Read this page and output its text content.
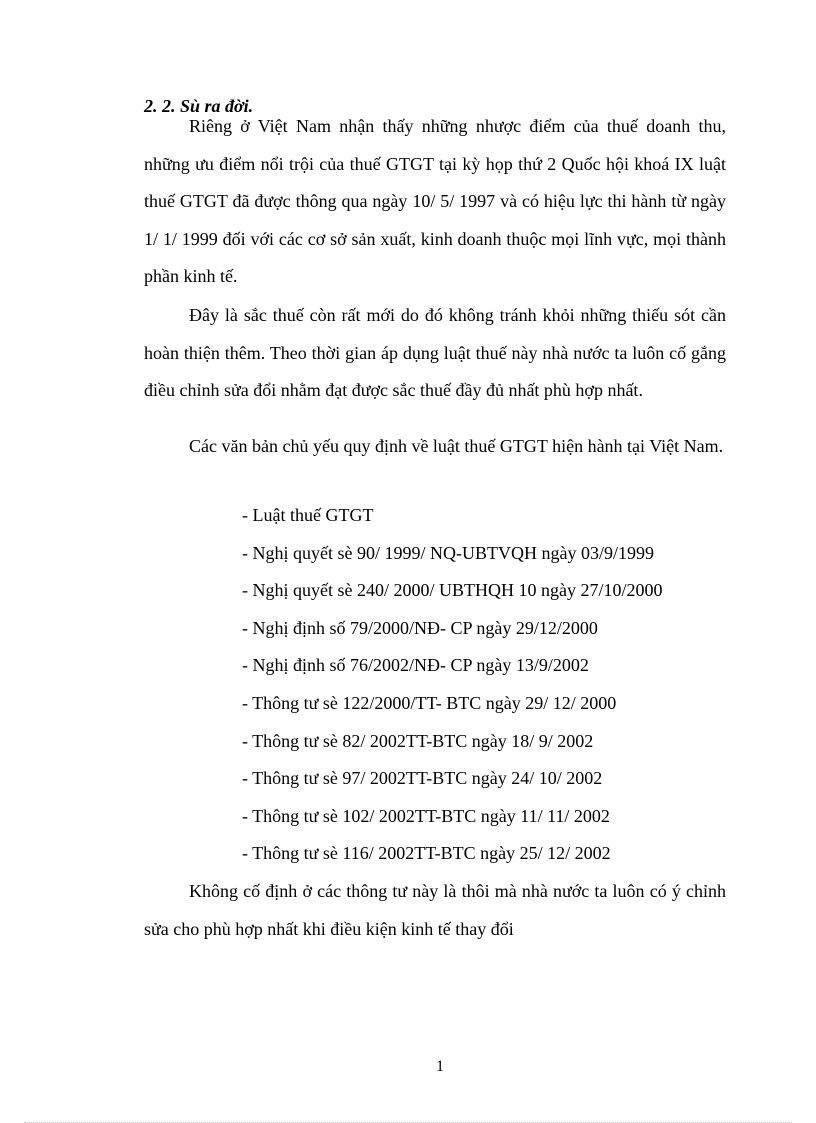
2. 2. Sù ra đời.

Riêng ở Việt Nam nhận thấy những nhược điểm của thuế doanh thu, những ưu điểm nổi trội của thuế GTGT tại kỳ họp thứ 2 Quốc hội khoá IX luật thuế GTGT đã được thông qua ngày 10/ 5/ 1997 và có hiệu lực thi hành từ ngày 1/ 1/ 1999 đối với các cơ sở sản xuất, kinh doanh thuộc mọi lĩnh vực, mọi thành phần kinh tế.

Đây là sắc thuế còn rất mới do đó không tránh khỏi những thiếu sót cần hoàn thiện thêm. Theo thời gian áp dụng luật thuế này nhà nước ta luôn cố gắng điều chỉnh sửa đổi nhằm đạt được sắc thuế đầy đủ nhất phù hợp nhất.

Các văn bản chủ yếu quy định về luật thuế GTGT hiện hành tại Việt Nam.

- Luật thuế GTGT
- Nghị quyết sè 90/ 1999/ NQ-UBTVQH ngày 03/9/1999
- Nghị quyết sè 240/ 2000/ UBTHQH 10 ngày 27/10/2000
- Nghị định số 79/2000/NĐ- CP ngày 29/12/2000
- Nghị định số 76/2002/NĐ- CP ngày 13/9/2002
- Thông tư sè 122/2000/TT- BTC ngày 29/ 12/ 2000
- Thông tư sè 82/ 2002TT-BTC ngày 18/ 9/ 2002
- Thông tư sè 97/ 2002TT-BTC ngày 24/ 10/ 2002
- Thông tư sè 102/ 2002TT-BTC ngày 11/ 11/ 2002
- Thông tư sè 116/ 2002TT-BTC ngày 25/ 12/ 2002

Không cố định ở các thông tư này là thôi mà nhà nước ta luôn có ý chỉnh sửa cho phù hợp nhất khi điều kiện kinh tế thay đổi

1
